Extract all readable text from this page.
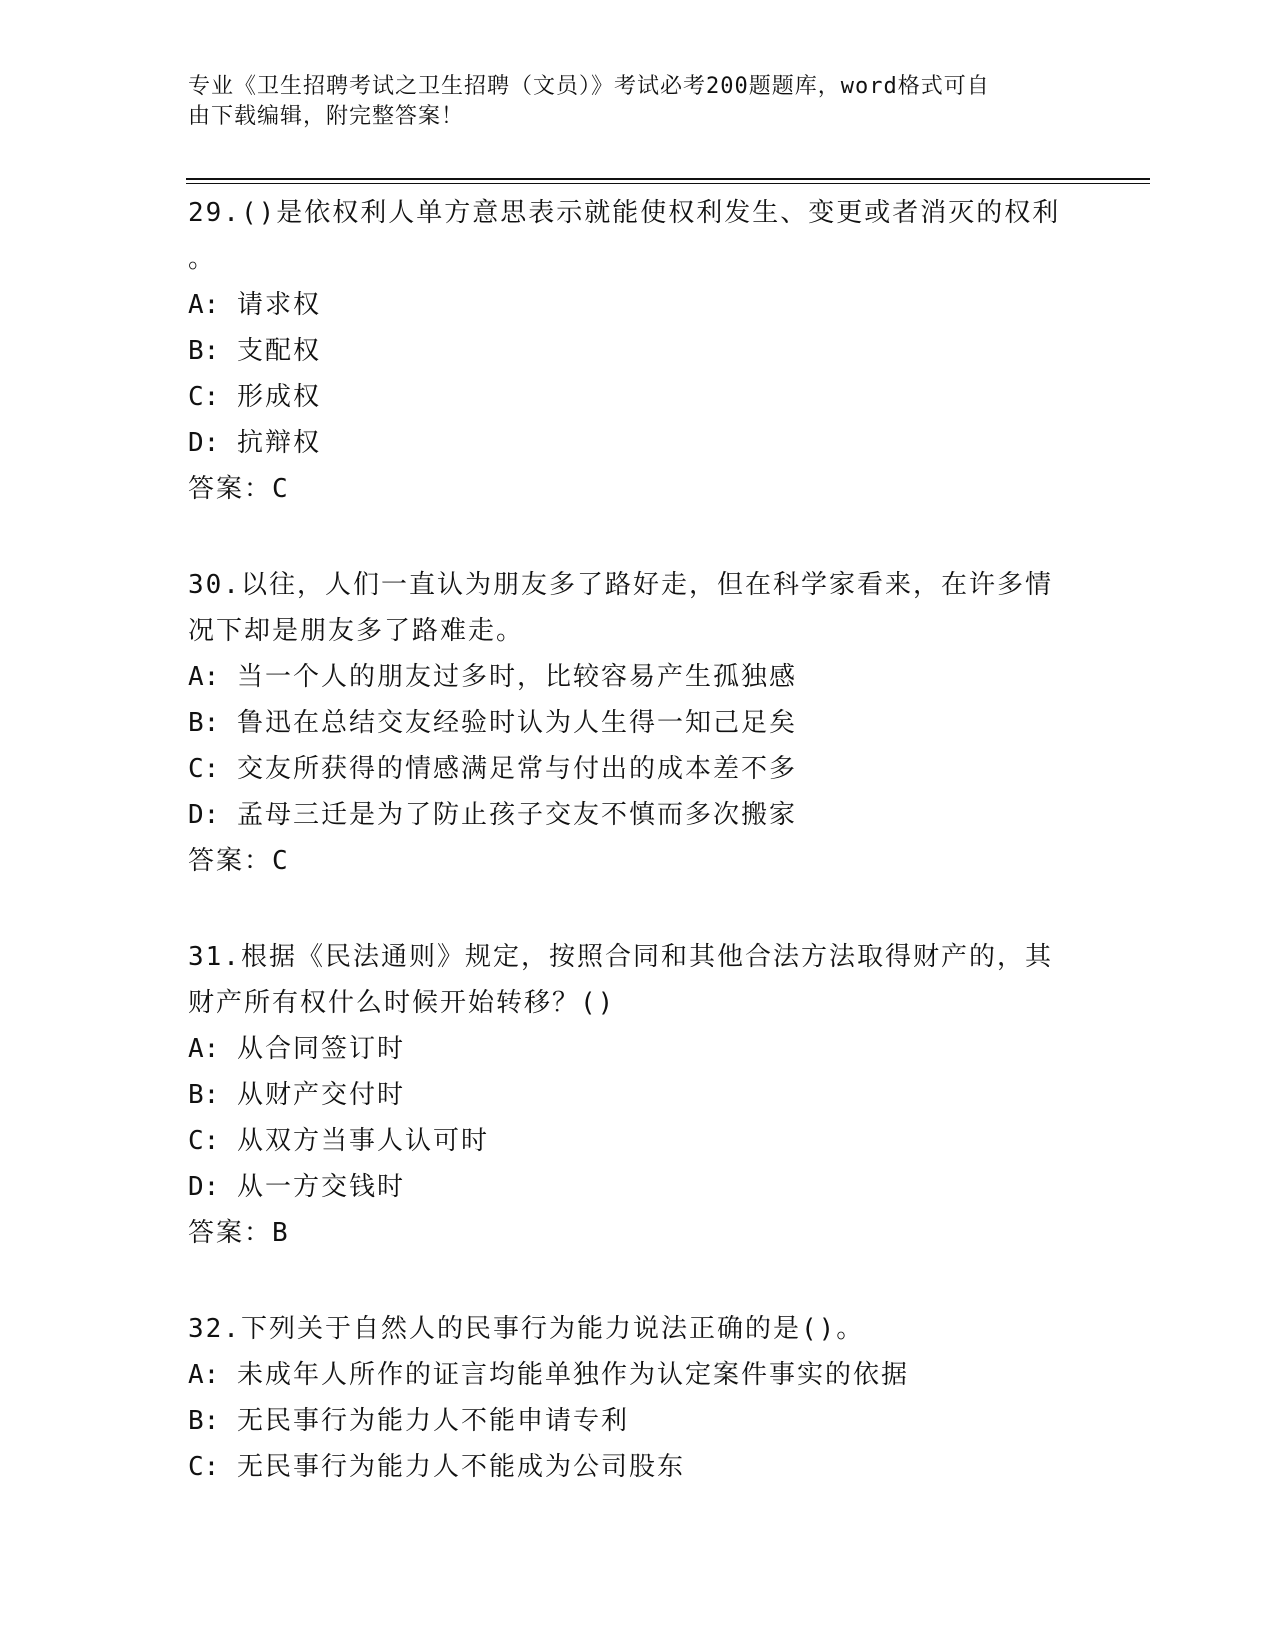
专业《卫生招聘考试之卫生招聘（文员）》考试必考200题题库，word格式可自
由下载编辑，附完整答案！
29.()是依权利人单方意思表示就能使权利发生、变更或者消灭的权利
。
A: 请求权
B: 支配权
C: 形成权
D: 抗辩权
答案：C
30.以往，人们一直认为朋友多了路好走，但在科学家看来，在许多情
况下却是朋友多了路难走。
A: 当一个人的朋友过多时，比较容易产生孤独感
B: 鲁迅在总结交友经验时认为人生得一知己足矣
C: 交友所获得的情感满足常与付出的成本差不多
D: 孟母三迁是为了防止孩子交友不慎而多次搬家
答案：C
31.根据《民法通则》规定，按照合同和其他合法方法取得财产的，其
财产所有权什么时候开始转移？()
A: 从合同签订时
B: 从财产交付时
C: 从双方当事人认可时
D: 从一方交钱时
答案：B
32.下列关于自然人的民事行为能力说法正确的是()。
A: 未成年人所作的证言均能单独作为认定案件事实的依据
B: 无民事行为能力人不能申请专利
C: 无民事行为能力人不能成为公司股东
